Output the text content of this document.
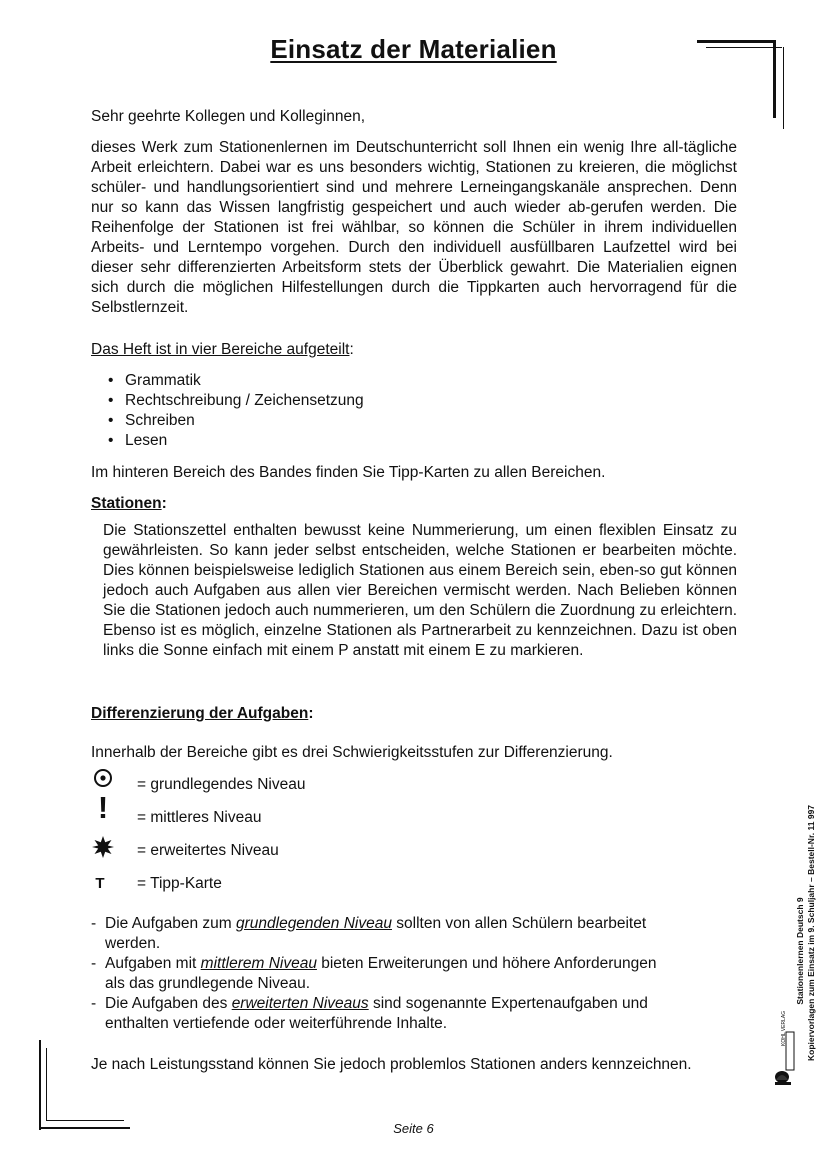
Einsatz der Materialien
Sehr geehrte Kollegen und Kolleginnen,
dieses Werk zum Stationenlernen im Deutschunterricht soll Ihnen ein wenig Ihre all-tägliche Arbeit erleichtern. Dabei war es uns besonders wichtig, Stationen zu kreieren, die möglichst schüler- und handlungsorientiert sind und mehrere Lerneingangskanäle ansprechen. Denn nur so kann das Wissen langfristig gespeichert und auch wieder ab-gerufen werden. Die Reihenfolge der Stationen ist frei wählbar, so können die Schüler in ihrem individuellen Arbeits- und Lerntempo vorgehen. Durch den individuell ausfüllbaren Laufzettel wird bei dieser sehr differenzierten Arbeitsform stets der Überblick gewahrt. Die Materialien eignen sich durch die möglichen Hilfestellungen durch die Tippkarten auch hervorragend für die Selbstlernzeit.
Das Heft ist in vier Bereiche aufgeteilt:
• Grammatik
• Rechtschreibung / Zeichensetzung
• Schreiben
• Lesen
Im hinteren Bereich des Bandes finden Sie Tipp-Karten zu allen Bereichen.
Stationen:
Die Stationszettel enthalten bewusst keine Nummerierung, um einen flexiblen Einsatz zu gewährleisten. So kann jeder selbst entscheiden, welche Stationen er bearbeiten möchte. Dies können beispielsweise lediglich Stationen aus einem Bereich sein, eben-so gut können jedoch auch Aufgaben aus allen vier Bereichen vermischt werden. Nach Belieben können Sie die Stationen jedoch auch nummerieren, um den Schülern die Zuordnung zu erleichtern. Ebenso ist es möglich, einzelne Stationen als Partnerarbeit zu kennzeichnen. Dazu ist oben links die Sonne einfach mit einem P anstatt mit einem E zu markieren.
Differenzierung der Aufgaben:
Innerhalb der Bereiche gibt es drei Schwierigkeitsstufen zur Differenzierung.
= grundlegendes Niveau
!	= mittleres Niveau
= erweitertes Niveau
T	= Tipp-Karte
- Die Aufgaben zum grundlegenden Niveau sollten von allen Schülern bearbeitet
werden.
- Aufgaben mit mittlerem Niveau bieten Erweiterungen und höhere Anforderungen
als das grundlegende Niveau.
- Die Aufgaben des erweiterten Niveaus sind sogenannte Expertenaufgaben und
enthalten vertiefende oder weiterführende Inhalte.
Je nach Leistungsstand können Sie jedoch problemlos Stationen anders kennzeichnen.
Stationenlernen Deutsch 9 Kopiervorlagen zum Einsatz im 9. Schuljahr – Bestell-Nr. 11 997
KOHL VERLAG
Seite 6
